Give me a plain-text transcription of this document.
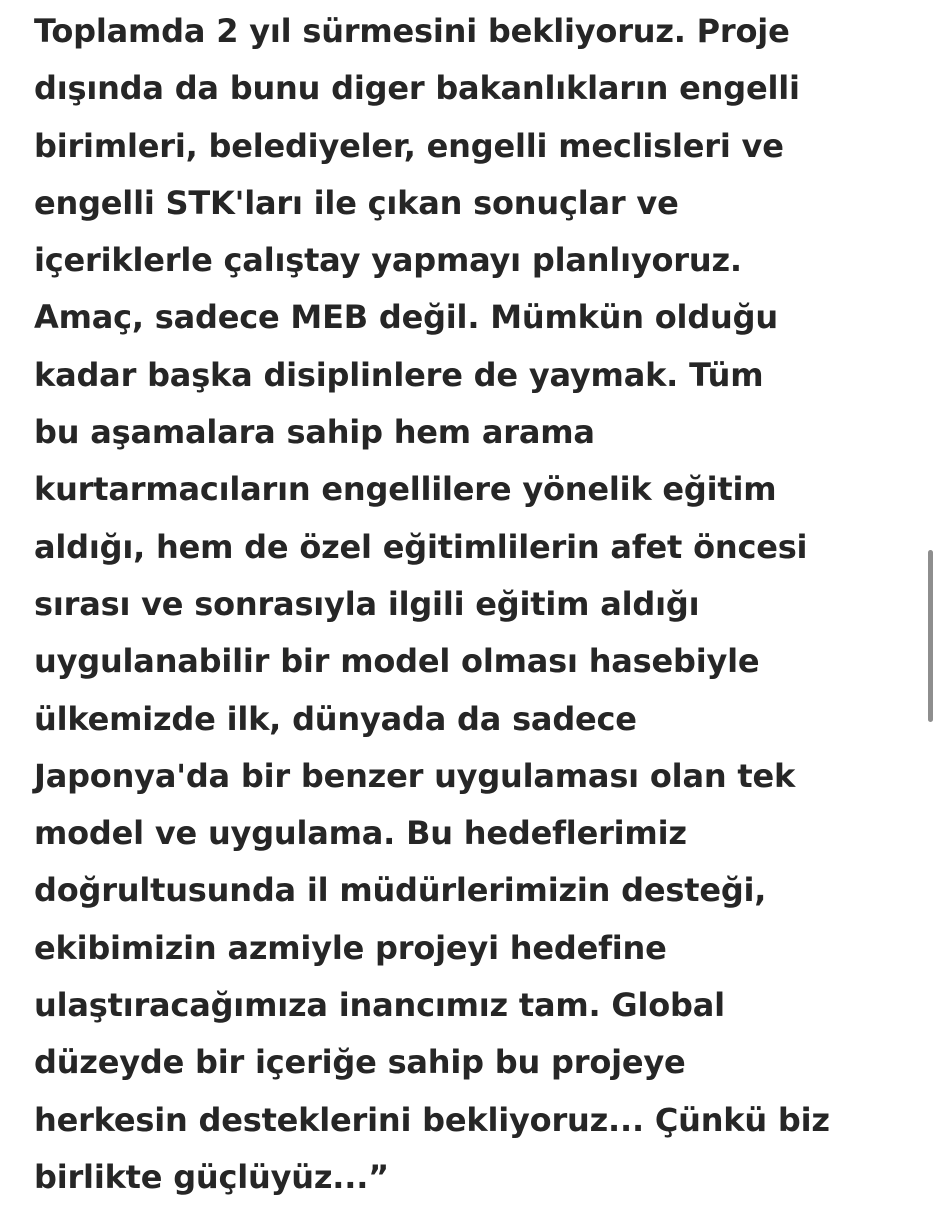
Toplamda 2 yıl sürmesini bekliyoruz. Proje
dışında da bunu diger bakanlıkların engelli
birimleri, belediyeler, engelli meclisleri ve
engelli STK'ları ile çıkan sonuçlar ve
içeriklerle çalıştay yapmayı planlıyoruz.
Amaç, sadece MEB değil. Mümkün olduğu
kadar başka disiplinlere de yaymak. Tüm
bu aşamalara sahip hem arama
kurtarmacıların engellilere yönelik eğitim
aldığı, hem de özel eğitimlilerin afet öncesi
sırası ve sonrasıyla ilgili eğitim aldığı
uygulanabilir bir model olması hasebiyle
ülkemizde ilk, dünyada da sadece
Japonya'da bir benzer uygulaması olan tek
model ve uygulama. Bu hedeflerimiz
doğrultusunda il müdürlerimizin desteği,
ekibimizin azmiyle projeyi hedefine
ulaştıracağımıza inancımız tam. Global
düzeyde bir içeriğe sahip bu projeye
herkesin desteklerini bekliyoruz... Çünkü biz
birlikte güçlüyüz...”
